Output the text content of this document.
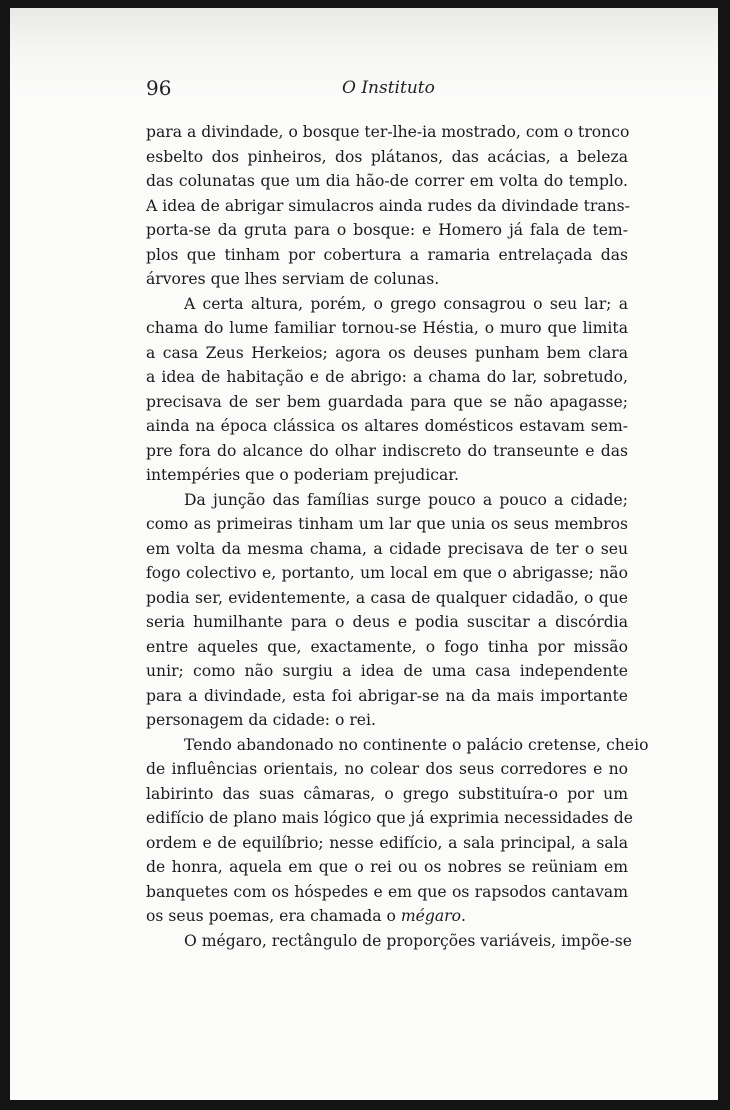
96	O Instituto

para a divindade, o bosque ter-lhe-ia mostrado, com o tronco
esbelto dos pinheiros, dos plátanos, das acácias, a beleza
das colunatas que um dia hão-de correr em volta do templo.
A idea de abrigar simulacros ainda rudes da divindade trans-
porta-se da gruta para o bosque: e Homero já fala de tem-
plos que tinham por cobertura a ramaria entrelaçada das
árvores que lhes serviam de colunas.

A certa altura, porém, o grego consagrou o seu lar; a
chama do lume familiar tornou-se Héstia, o muro que limita
a casa Zeus Herkeios; agora os deuses punham bem clara
a idea de habitação e de abrigo: a chama do lar, sobretudo,
precisava de ser bem guardada para que se não apagasse;
ainda na época clássica os altares domésticos estavam sem-
pre fora do alcance do olhar indiscreto do transeunte e das
intempéries que o poderiam prejudicar.

Da junção das famílias surge pouco a pouco a cidade;
como as primeiras tinham um lar que unia os seus membros
em volta da mesma chama, a cidade precisava de ter o seu
fogo colectivo e, portanto, um local em que o abrigasse; não
podia ser, evidentemente, a casa de qualquer cidadão, o que
seria humilhante para o deus e podia suscitar a discórdia
entre aqueles que, exactamente, o fogo tinha por missão
unir; como não surgiu a idea de uma casa independente
para a divindade, esta foi abrigar-se na da mais importante
personagem da cidade: o rei.

Tendo abandonado no continente o palácio cretense, cheio
de influências orientais, no colear dos seus corredores e no
labirinto das suas câmaras, o grego substituíra-o por um
edifício de plano mais lógico que já exprimia necessidades de
ordem e de equilíbrio; nesse edifício, a sala principal, a sala
de honra, aquela em que o rei ou os nobres se reüniam em
banquetes com os hóspedes e em que os rapsodos cantavam
os seus poemas, era chamada o mégaro.

O mégaro, rectângulo de proporções variáveis, impõe-se
